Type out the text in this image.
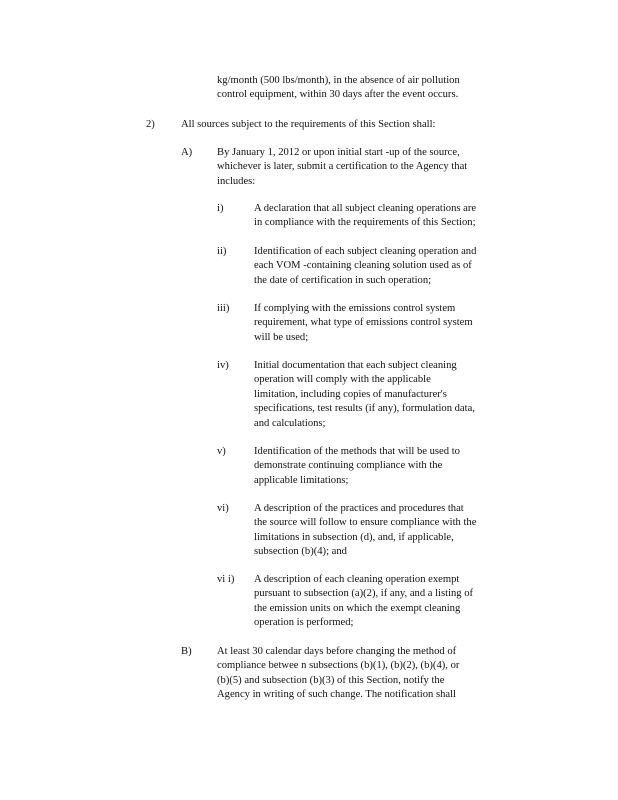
kg/month (500 lbs/month), in the absence of air pollution
control equipment, within 30 days after the event occurs.
2) All sources subject to the requirements of this Section shall:
A) By January 1, 2012 or upon initial start -up of the source,
whichever is later, submit a certification to the Agency that
includes:
i)	A declaration that all subject cleaning operations are
in compliance with the requirements of this Section;
ii)	Identification of each subject cleaning operation and
each VOM -containing cleaning solution used as of
the date of certification in such operation;
iii) If complying with the emissions control system
requirement, what type of emissions control system
will be used;
iv) Initial documentation that each subject cleaning
operation will comply with the applicable
limitation, including copies of manufacturer's
specifications, test results (if any), formulation data,
and calculations;
v)	Identification of the methods that will be used to
demonstrate continuing compliance with the
applicable limitations;
vi) A description of the practices and procedures that
the source will follow to ensure compliance with the
limitations in subsection (d), and, if applicable,
subsection (b)(4); and
vi i) A description of each cleaning operation exempt
pursuant to subsection (a)(2), if any, and a listing of
the emission units on which the exempt cleaning
operation is performed;
B) At least 30 calendar days before changing the method of
compliance betwee n subsections (b)(1), (b)(2), (b)(4), or
(b)(5) and subsection (b)(3) of this Section, notify the
Agency in writing of such change. The notification shall
